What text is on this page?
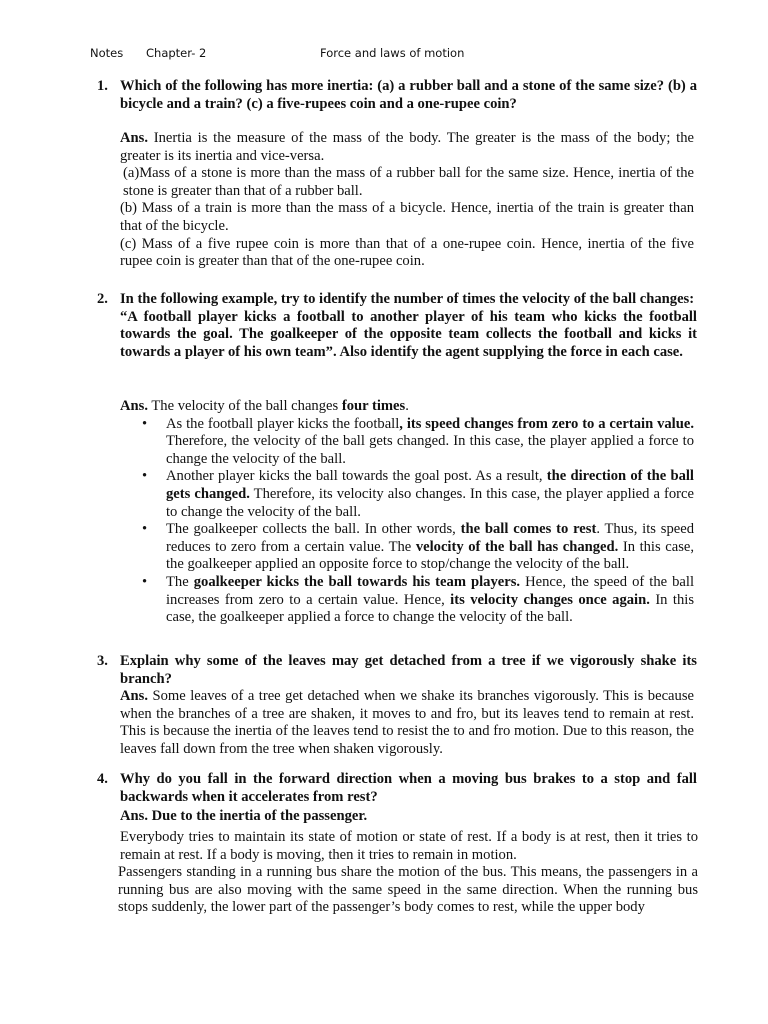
Notes Chapter- 2	Force and laws of motion
1. Which of the following has more inertia: (a) a rubber ball and a stone of the same size? (b) a bicycle and a train? (c) a five-rupees coin and a one-rupee coin?

Ans. Inertia is the measure of the mass of the body. The greater is the mass of the body; the greater is its inertia and vice-versa.

(a)Mass of a stone is more than the mass of a rubber ball for the same size. Hence, inertia of the stone is greater than that of a rubber ball.

(b) Mass of a train is more than the mass of a bicycle. Hence, inertia of the train is greater than that of the bicycle.

(c) Mass of a five rupee coin is more than that of a one-rupee coin. Hence, inertia of the five rupee coin is greater than that of the one-rupee coin.

2. In the following example, try to identify the number of times the velocity of the ball changes:
“A football player kicks a football to another player of his team who kicks the football towards the goal. The goalkeeper of the opposite team collects the football and kicks it towards a player of his own team”. Also identify the agent supplying the force in each case.

Ans. The velocity of the ball changes four times.

• As the football player kicks the football, its speed changes from zero to a certain value. Therefore, the velocity of the ball gets changed. In this case, the player applied a force to change the velocity of the ball.
• Another player kicks the ball towards the goal post. As a result, the direction of the ball gets changed. Therefore, its velocity also changes. In this case, the player applied a force to change the velocity of the ball.
• The goalkeeper collects the ball. In other words, the ball comes to rest. Thus, its speed reduces to zero from a certain value. The velocity of the ball has changed. In this case, the goalkeeper applied an opposite force to stop/change the velocity of the ball.
• The goalkeeper kicks the ball towards his team players. Hence, the speed of the ball increases from zero to a certain value. Hence, its velocity changes once again. In this case, the goalkeeper applied a force to change the velocity of the ball.
3. Explain why some of the leaves may get detached from a tree if we vigorously shake its branch?

Ans. Some leaves of a tree get detached when we shake its branches vigorously. This is because when the branches of a tree are shaken, it moves to and fro, but its leaves tend to remain at rest. This is because the inertia of the leaves tend to resist the to and fro motion. Due to this reason, the leaves fall down from the tree when shaken vigorously.

4. Why do you fall in the forward direction when a moving bus brakes to a stop and fall backwards when it accelerates from rest?

Ans. Due to the inertia of the passenger.

Everybody tries to maintain its state of motion or state of rest. If a body is at rest, then it tries to remain at rest. If a body is moving, then it tries to remain in motion.

Passengers standing in a running bus share the motion of the bus. This means, the passengers in a running bus are also moving with the same speed in the same direction. When the running bus stops suddenly, the lower part of the passenger’s body comes to rest, while the upper body
